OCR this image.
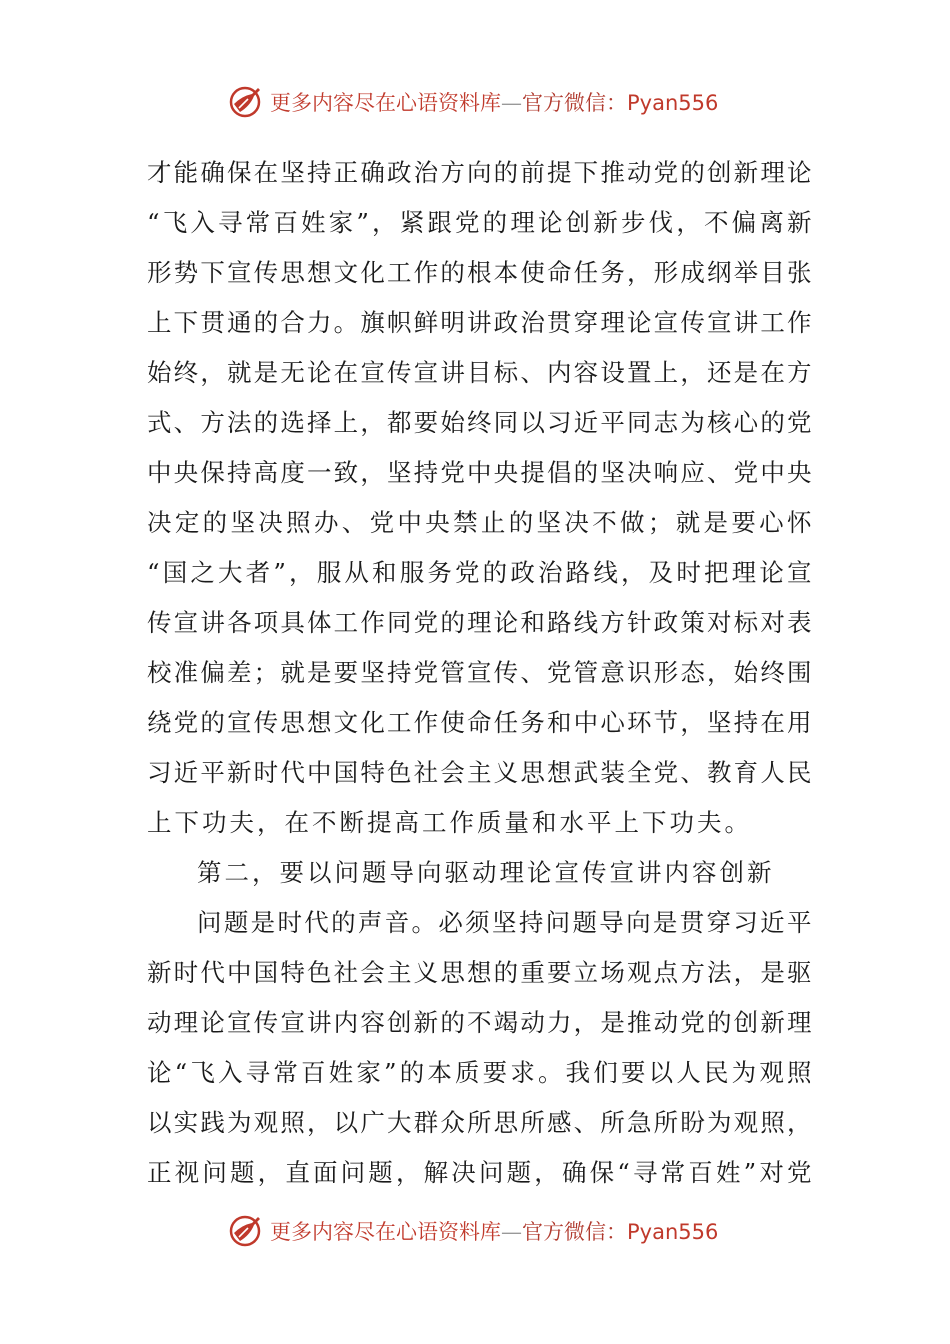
更多内容尽在心语资料库—官方微信：Pyan556
才能确保在坚持正确政治方向的前提下推动党的创新理论
“飞入寻常百姓家”，紧跟党的理论创新步伐，不偏离新
形势下宣传思想文化工作的根本使命任务，形成纲举目张
上下贯通的合力。旗帜鲜明讲政治贯穿理论宣传宣讲工作
始终，就是无论在宣传宣讲目标、内容设置上，还是在方
式、方法的选择上，都要始终同以习近平同志为核心的党
中央保持高度一致，坚持党中央提倡的坚决响应、党中央
决定的坚决照办、党中央禁止的坚决不做；就是要心怀
“国之大者”，服从和服务党的政治路线，及时把理论宣
传宣讲各项具体工作同党的理论和路线方针政策对标对表
校准偏差；就是要坚持党管宣传、党管意识形态，始终围
绕党的宣传思想文化工作使命任务和中心环节，坚持在用
习近平新时代中国特色社会主义思想武装全党、教育人民
上下功夫，在不断提高工作质量和水平上下功夫。
第二，要以问题导向驱动理论宣传宣讲内容创新
问题是时代的声音。必须坚持问题导向是贯穿习近平
新时代中国特色社会主义思想的重要立场观点方法，是驱
动理论宣传宣讲内容创新的不竭动力，是推动党的创新理
论“飞入寻常百姓家”的本质要求。我们要以人民为观照
以实践为观照，以广大群众所思所感、所急所盼为观照，
正视问题，直面问题，解决问题，确保“寻常百姓”对党
更多内容尽在心语资料库—官方微信：Pyan556
